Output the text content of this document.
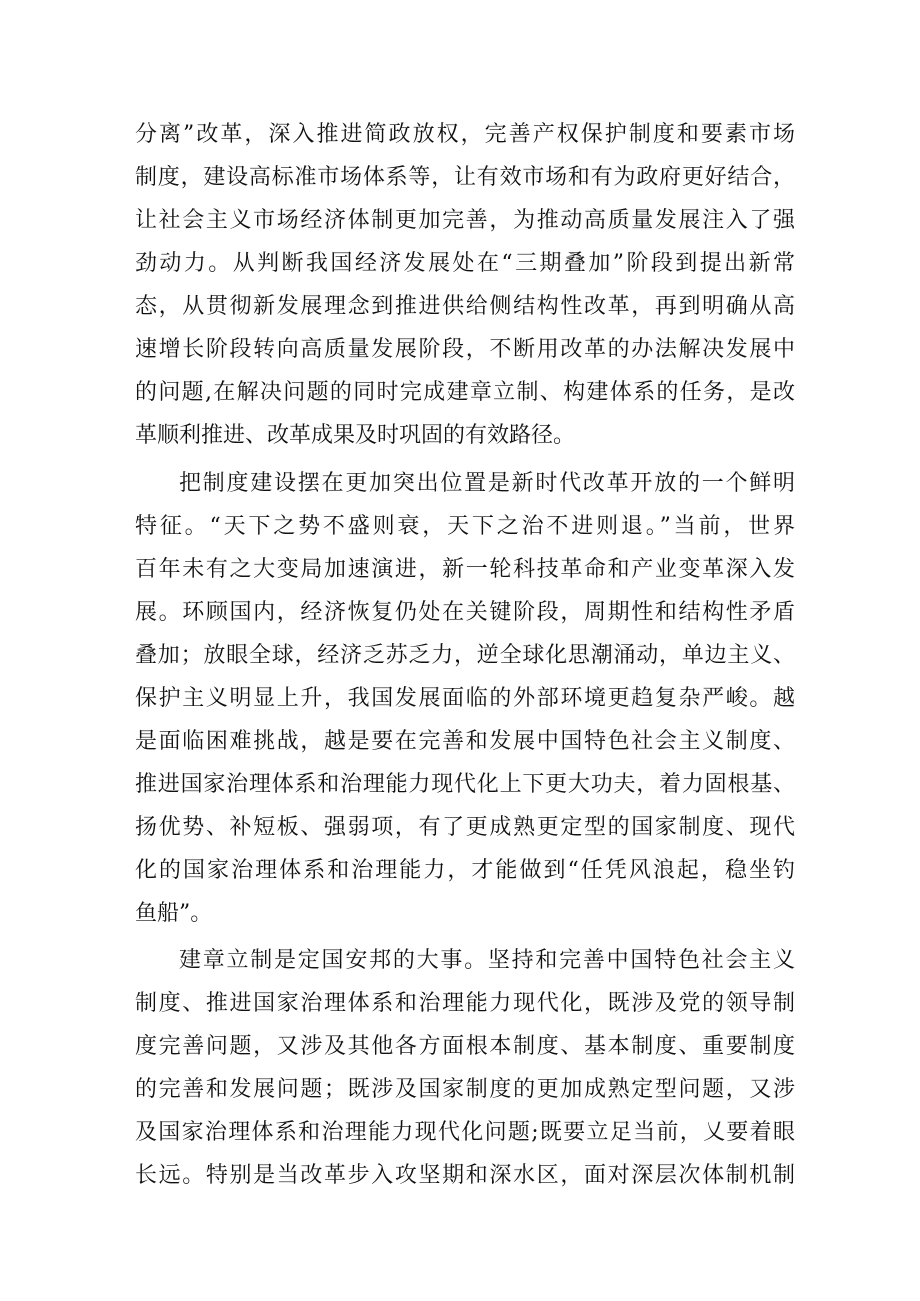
分离”改革，深入推进简政放权，完善产权保护制度和要素市场
制度，建设高标准市场体系等，让有效市场和有为政府更好结合，
让社会主义市场经济体制更加完善，为推动高质量发展注入了强
劲动力。从判断我国经济发展处在“三期叠加”阶段到提出新常
态，从贯彻新发展理念到推进供给侧结构性改革，再到明确从高
速增长阶段转向高质量发展阶段，不断用改革的办法解决发展中
的问题,在解决问题的同时完成建章立制、构建体系的任务，是改
革顺利推进、改革成果及时巩固的有效路径。
把制度建设摆在更加突出位置是新时代改革开放的一个鲜明
特征。“天下之势不盛则衰，天下之治不进则退。”当前，世界
百年未有之大变局加速演进，新一轮科技革命和产业变革深入发
展。环顾国内，经济恢复仍处在关键阶段，周期性和结构性矛盾
叠加；放眼全球，经济乏苏乏力，逆全球化思潮涌动，单边主义、
保护主义明显上升，我国发展面临的外部环境更趋复杂严峻。越
是面临困难挑战，越是要在完善和发展中国特色社会主义制度、
推进国家治理体系和治理能力现代化上下更大功夫，着力固根基、
扬优势、补短板、强弱项，有了更成熟更定型的国家制度、现代
化的国家治理体系和治理能力，才能做到“任凭风浪起，稳坐钓
鱼船”。
建章立制是定国安邦的大事。坚持和完善中国特色社会主义
制度、推进国家治理体系和治理能力现代化，既涉及党的领导制
度完善问题，又涉及其他各方面根本制度、基本制度、重要制度
的完善和发展问题；既涉及国家制度的更加成熟定型问题，又涉
及国家治理体系和治理能力现代化问题;既要立足当前，乂要着眼
长远。特别是当改革步入攻坚期和深水区，面对深层次体制机制
